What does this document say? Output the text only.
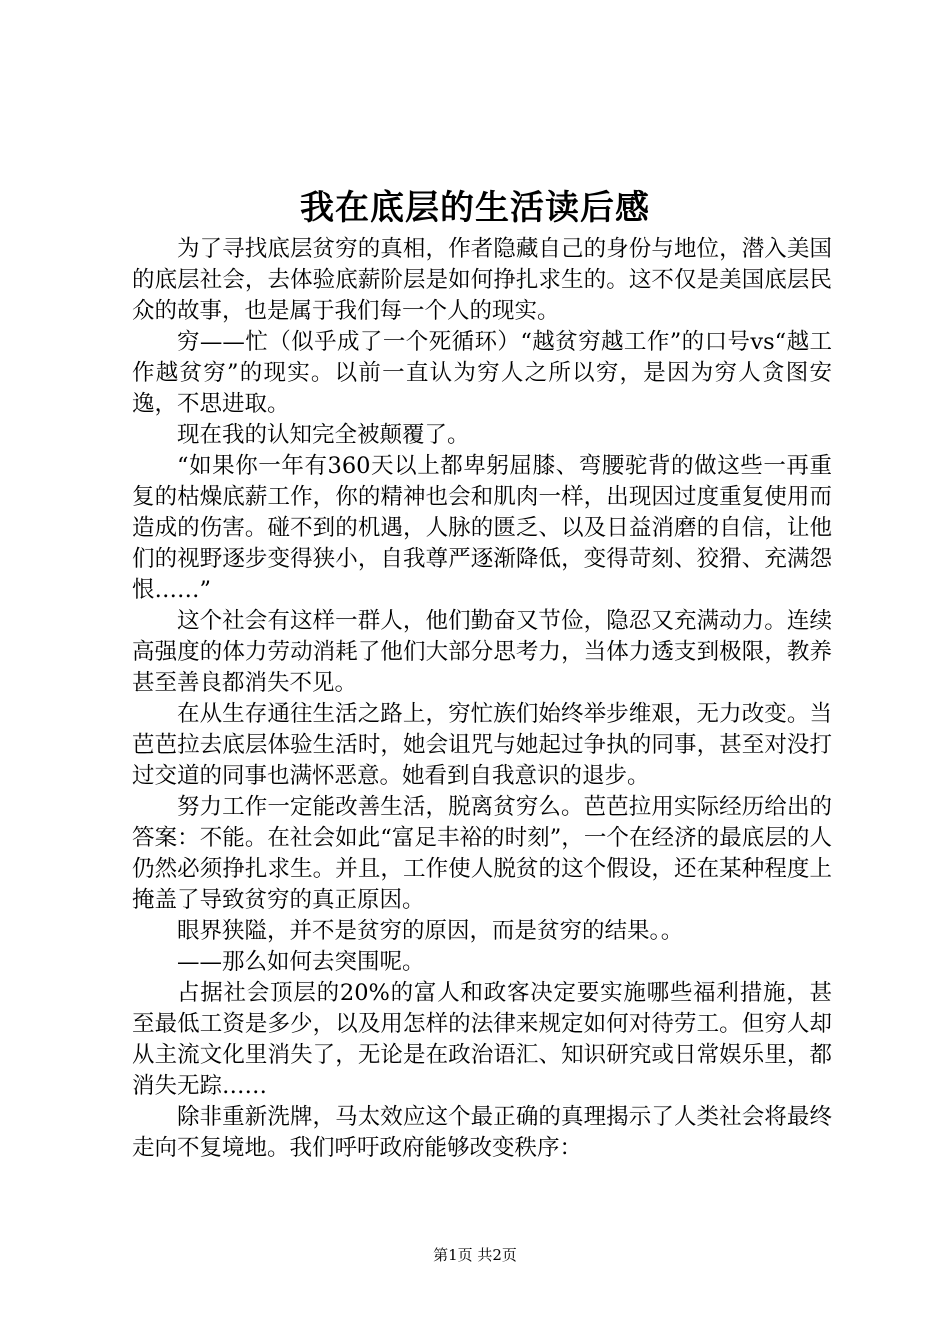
我在底层的生活读后感

为了寻找底层贫穷的真相，作者隐藏自己的身份与地位，潜入美国的底层社会，去体验底薪阶层是如何挣扎求生的。这不仅是美国底层民众的故事，也是属于我们每一个人的现实。

穷——忙（似乎成了一个死循环）“越贫穷越工作”的口号vs“越工作越贫穷”的现实。以前一直认为穷人之所以穷，是因为穷人贪图安逸，不思进取。

现在我的认知完全被颠覆了。

“如果你一年有360天以上都卑躬屈膝、弯腰驼背的做这些一再重复的枯燥底薪工作，你的精神也会和肌肉一样，出现因过度重复使用而造成的伤害。碰不到的机遇，人脉的匮乏、以及日益消磨的自信，让他们的视野逐步变得狭小，自我尊严逐渐降低，变得苛刻、狡猾、充满怨恨……”

这个社会有这样一群人，他们勤奋又节俭，隐忍又充满动力。连续高强度的体力劳动消耗了他们大部分思考力，当体力透支到极限，教养甚至善良都消失不见。

在从生存通往生活之路上，穷忙族们始终举步维艰，无力改变。当芭芭拉去底层体验生活时，她会诅咒与她起过争执的同事，甚至对没打过交道的同事也满怀恶意。她看到自我意识的退步。

努力工作一定能改善生活，脱离贫穷么。芭芭拉用实际经历给出的答案：不能。在社会如此“富足丰裕的时刻”，一个在经济的最底层的人仍然必须挣扎求生。并且，工作使人脱贫的这个假设，还在某种程度上掩盖了导致贫穷的真正原因。

眼界狭隘，并不是贫穷的原因，而是贫穷的结果。。

——那么如何去突围呢。

占据社会顶层的20%的富人和政客决定要实施哪些福利措施，甚至最低工资是多少，以及用怎样的法律来规定如何对待劳工。但穷人却从主流文化里消失了，无论是在政治语汇、知识研究或日常娱乐里，都消失无踪……

除非重新洗牌，马太效应这个最正确的真理揭示了人类社会将最终走向不复境地。我们呼吁政府能够改变秩序：

第1页 共2页
